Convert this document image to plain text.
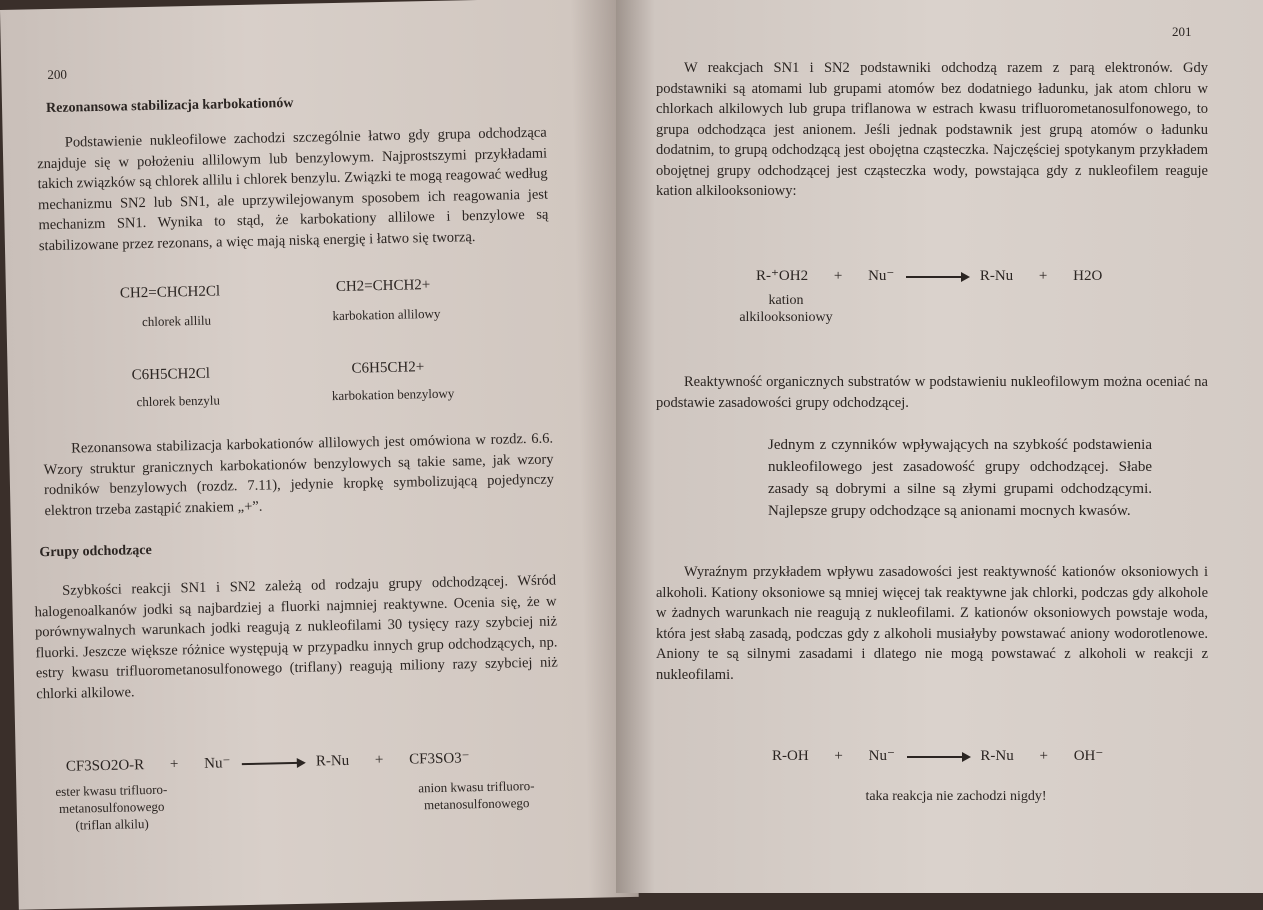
200
Rezonansowa stabilizacja karbokationów

Podstawienie nukleofilowe zachodzi szczególnie łatwo gdy grupa odchodząca znajduje się w położeniu allilowym lub benzylowym. Najprostszymi przykładami takich związków są chlorek allilu i chlorek benzylu. Związki te mogą reagować według mechanizmu SN2 lub SN1, ale uprzywilejowanym sposobem ich reagowania jest mechanizm SN1. Wynika to stąd, że karbokationy allilowe i benzylowe są stabilizowane przez rezonans, a więc mają niską energię i łatwo się tworzą.

CH2=CHCH2Cl
chlorek allilu
CH2=CHCH2+
karbokation allilowy
C6H5CH2Cl
chlorek benzylu
C6H5CH2+
karbokation benzylowy

Rezonansowa stabilizacja karbokationów allilowych jest omówiona w rozdz. 6.6. Wzory struktur granicznych karbokationów benzylowych są takie same, jak wzory rodników benzylowych (rozdz. 7.11), jedynie kropkę symbolizującą pojedynczy elektron trzeba zastąpić znakiem „+”.

Grupy odchodzące

Szybkości reakcji SN1 i SN2 zależą od rodzaju grupy odchodzącej. Wśród halogenoalkanów jodki są najbardziej a fluorki najmniej reaktywne. Ocenia się, że w porównywalnych warunkach jodki reagują z nukleofilami 30 tysięcy razy szybciej niż fluorki. Jeszcze większe różnice występują w przypadku innych grup odchodzących, np. estry kwasu trifluorometanosulfonowego (triflany) reagują miliony razy szybciej niż chlorki alkilowe.

CF3SO2O-R + Nu⁻	R-Nu + CF3SO3⁻
ester kwasu trifluoro-
metanosulfonowego
(triflan alkilu)
anion kwasu trifluoro-
metanosulfonowego
201

W reakcjach SN1 i SN2 podstawniki odchodzą razem z parą elektronów. Gdy podstawniki są atomami lub grupami atomów bez dodatniego ładunku, jak atom chloru w chlorkach alkilowych lub grupa triflanowa w estrach kwasu trifluorometanosulfonowego, to grupa odchodząca jest anionem. Jeśli jednak podstawnik jest grupą atomów o ładunku dodatnim, to grupą odchodzącą jest obojętna cząsteczka. Najczęściej spotykanym przykładem obojętnej grupy odchodzącej jest cząsteczka wody, powstająca gdy z nukleofilem reaguje kation alkilooksoniowy:

R-⁺OH2 + Nu⁻	R-Nu + H2O
kation
alkilooksoniowy

Reaktywność organicznych substratów w podstawieniu nukleofilowym można oceniać na podstawie zasadowości grupy odchodzącej.

Jednym z czynników wpływających na szybkość podstawienia nukleofilowego jest zasadowość grupy odchodzącej. Słabe zasady są dobrymi a silne są złymi grupami odchodzącymi. Najlepsze grupy odchodzące są anionami mocnych kwasów.

Wyraźnym przykładem wpływu zasadowości jest reaktywność kationów oksoniowych i alkoholi. Kationy oksoniowe są mniej więcej tak reaktywne jak chlorki, podczas gdy alkohole w żadnych warunkach nie reagują z nukleofilami. Z kationów oksoniowych powstaje woda, która jest słabą zasadą, podczas gdy z alkoholi musiałyby powstawać aniony wodorotlenowe. Aniony te są silnymi zasadami i dlatego nie mogą powstawać z alkoholi w reakcji z nukleofilami.

R-OH + Nu⁻	R-Nu + OH⁻
taka reakcja nie zachodzi nigdy!
